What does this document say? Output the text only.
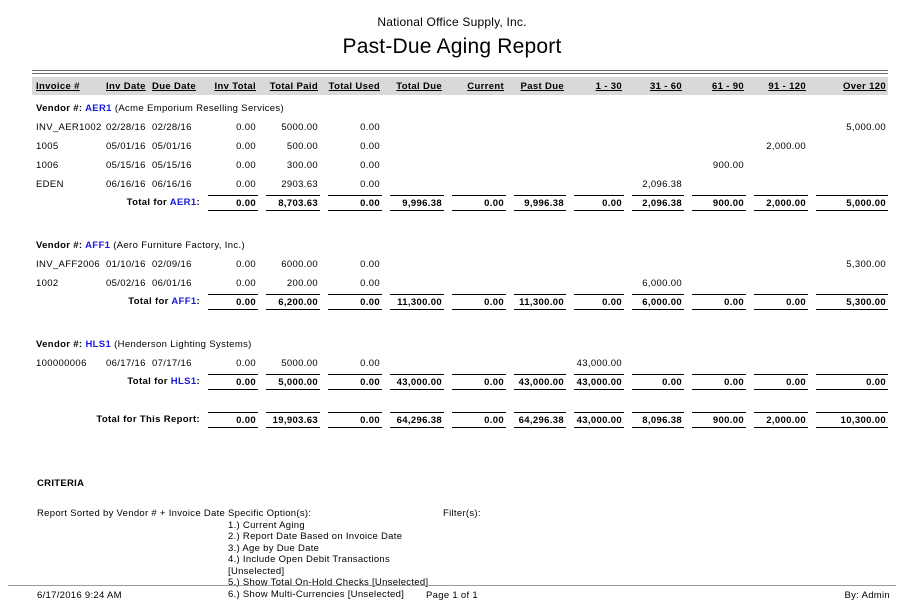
National Office Supply, Inc.
Past-Due Aging Report
Invoice #	Inv Date	Due Date	Inv Total	Total Paid	Total Used	Total Due	Current	Past Due	1 - 30	31 - 60	61 - 90	91 - 120	Over 120
Vendor #: AER1 (Acme Emporium Reselling Services)													
INV_AER1002	02/28/16	02/28/16	0.00	5000.00	0.00								5,000.00
1005	05/01/16	05/01/16	0.00	500.00	0.00							2,000.00	
1006	05/15/16	05/15/16	0.00	300.00	0.00						900.00		
EDEN	06/16/16	06/16/16	0.00	2903.63	0.00					2,096.38			
Total for AER1:			0.00	8,703.63	0.00	9,996.38	0.00	9,996.38	0.00	2,096.38	900.00	2,000.00	5,000.00

Vendor #: AFF1 (Aero Furniture Factory, Inc.)													
INV_AFF2006	01/10/16	02/09/16	0.00	6000.00	0.00								5,300.00
1002	05/02/16	06/01/16	0.00	200.00	0.00					6,000.00			
Total for AFF1:			0.00	6,200.00	0.00	11,300.00	0.00	11,300.00	0.00	6,000.00	0.00	0.00	5,300.00

Vendor #: HLS1 (Henderson Lighting Systems)													
100000006	06/17/16	07/17/16	0.00	5000.00	0.00				43,000.00				
Total for HLS1:			0.00	5,000.00	0.00	43,000.00	0.00	43,000.00	43,000.00	0.00	0.00	0.00	0.00

Total for This Report:			0.00	19,903.63	0.00	64,296.38	0.00	64,296.38	43,000.00	8,096.38	900.00	2,000.00	10,300.00
CRITERIA
Report Sorted by Vendor # + Invoice Date Specific Option(s):
1.) Current Aging
2.) Report Date Based on Invoice Date
3.) Age by Due Date
4.) Include Open Debit Transactions [Unselected]
5.) Show Total On-Hold Checks [Unselected]
6.) Show Multi-Currencies [Unselected]
Filter(s):
6/17/2016 9:24 AM	Page 1 of 1	By: Admin
